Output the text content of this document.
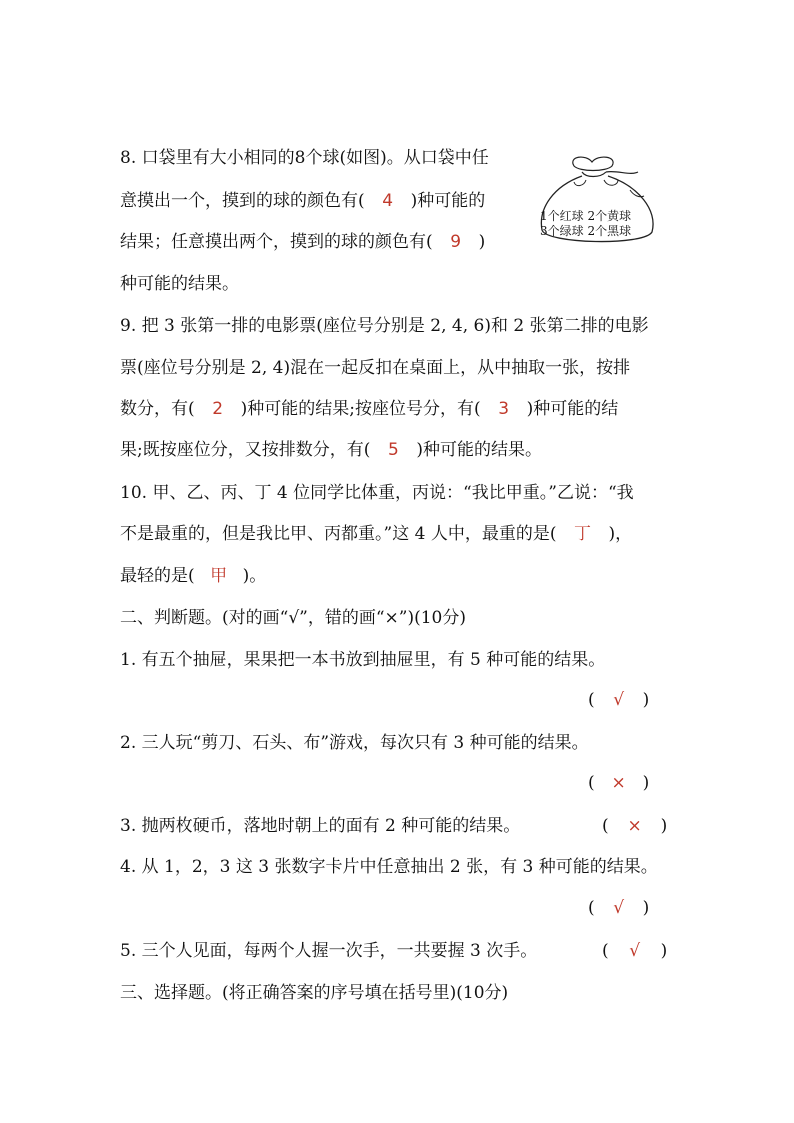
8. 口袋里有大小相同的8个球(如图)。从口袋中任
意摸出一个，摸到的球的颜色有( 4 )种可能的
结果；任意摸出两个，摸到的球的颜色有( 9 )
种可能的结果。
1个红球 2个黄球
3个绿球 2个黑球
9. 把 3 张第一排的电影票(座位号分别是 2, 4, 6)和 2 张第二排的电影
票(座位号分别是 2, 4)混在一起反扣在桌面上，从中抽取一张，按排
数分，有( 2 )种可能的结果;按座位号分，有( 3 )种可能的结
果;既按座位分，又按排数分，有( 5 )种可能的结果。
10. 甲、乙、丙、丁 4 位同学比体重，丙说：“我比甲重。”乙说：“我
不是最重的，但是我比甲、丙都重。”这 4 人中，最重的是( 丁 )，
最轻的是( 甲 )。
二、判断题。(对的画“√”，错的画“×”)(10分)
1. 有五个抽屉，果果把一本书放到抽屉里，有 5 种可能的结果。
( √ )
2. 三人玩“剪刀、石头、布”游戏，每次只有 3 种可能的结果。
( × )
3. 抛两枚硬币，落地时朝上的面有 2 种可能的结果。	( × )
4. 从 1，2，3 这 3 张数字卡片中任意抽出 2 张，有 3 种可能的结果。
( √ )
5. 三个人见面，每两个人握一次手，一共要握 3 次手。	( √ )
三、选择题。(将正确答案的序号填在括号里)(10分)
